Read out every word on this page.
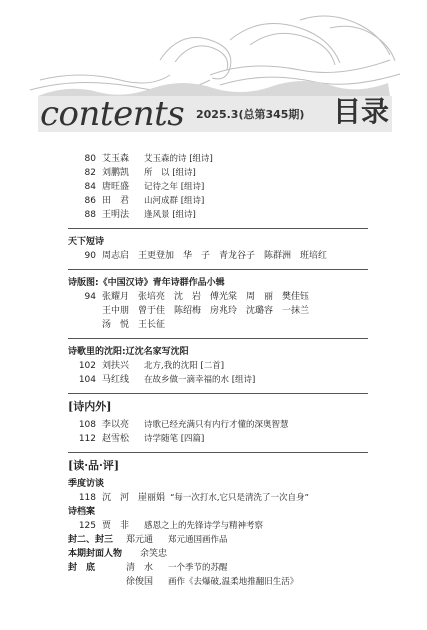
contents 2025.3(总第345期) 目录
80 艾玉森	艾玉森的诗 [组诗]
82 刘鹏凯	所　以 [组诗]
84 唐旺盛	记待之年 [组诗]
86 田　君	山河成群 [组诗]
88 王明法	逢风景 [组诗]
天下短诗
90 周志启　王更登加　华　子　青龙谷子　陈群洲　班培红
诗版图:《中国汉诗》青年诗群作品小辑
94 张耀月　张培亮　沈　岩　傅光棠　周　丽　樊佳钰
王中朋　曾于佳　陈绍梅　房兆玲　沈璐容　一抹兰
汤　悦　王长征
诗歌里的沈阳:辽沈名家写沈阳
102 刘扶兴	北方,我的沈阳 [二首]
104 马红线	在故乡做一滴幸福的水 [组诗]
[诗内外]
108 李以亮	诗歌已经充满只有内行才懂的深奥智慧
112 赵雪松	诗学随笔 [四篇]
[读·品·评]
季度访谈
118 沉　河　崖丽娟 “每一次打水,它只是清洗了一次自身”
诗档案
125 贾　非	感恩之上的先锋诗学与精神考察
封二、封三	郑元通	郑元通国画作品
本期封面人物	余笑忠
封　底	清　水	一个季节的苏醒
徐俊国	画作《去爆破,温柔地推翻旧生活》
